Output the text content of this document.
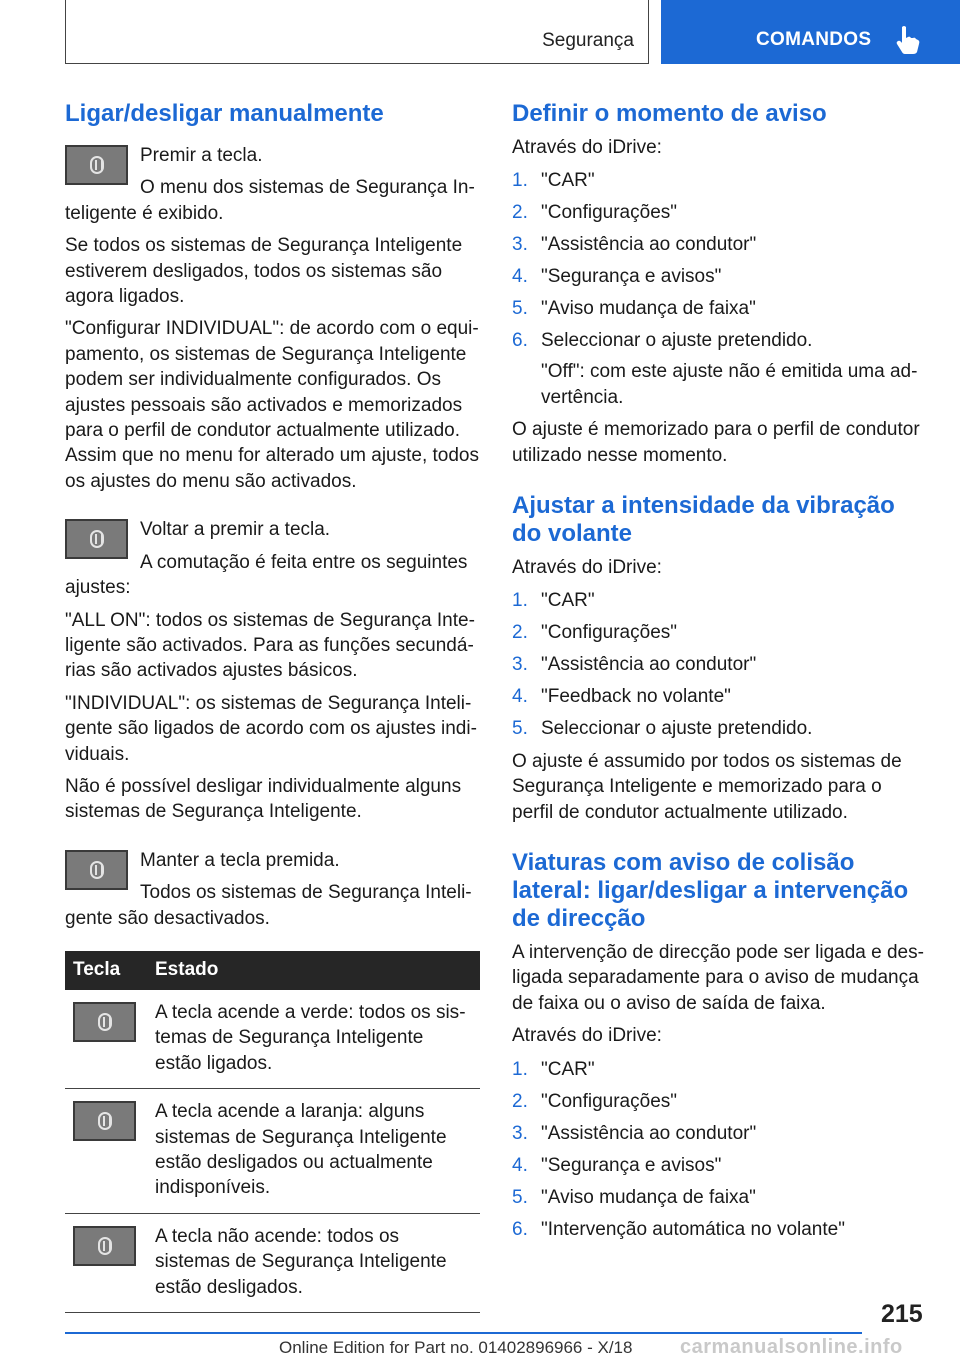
Segurança	COMANDOS
Ligar/desligar manualmente

Premir a tecla.

O menu dos sistemas de Segurança Inteligente é exibido.

Se todos os sistemas de Segurança Inteligente estiverem desligados, todos os sistemas são agora ligados.

"Configurar INDIVIDUAL": de acordo com o equipamento, os sistemas de Segurança Inteligente podem ser individualmente configurados. Os ajustes pessoais são activados e memorizados para o perfil de condutor actualmente utilizado. Assim que no menu for alterado um ajuste, todos os ajustes do menu são activados.

Voltar a premir a tecla.

A comutação é feita entre os seguintes ajustes:

"ALL ON": todos os sistemas de Segurança Inteligente são activados. Para as funções secundárias são activados ajustes básicos.

"INDIVIDUAL": os sistemas de Segurança Inteligente são ligados de acordo com os ajustes individuais.

Não é possível desligar individualmente alguns sistemas de Segurança Inteligente.

Manter a tecla premida.

Todos os sistemas de Segurança Inteligente são desactivados.

Tecla	Estado

	A tecla acende a verde: todos os sistemas de Segurança Inteligente estão ligados.

	A tecla acende a laranja: alguns sistemas de Segurança Inteligente estão desligados ou actualmente indisponíveis.

	A tecla não acende: todos os sistemas de Segurança Inteligente estão desligados.
Definir o momento de aviso

Através do iDrive:

1. "CAR"
2. "Configurações"
3. "Assistência ao condutor"
4. "Segurança e avisos"
5. "Aviso mudança de faixa"
6. Seleccionar o ajuste pretendido.

"Off": com este ajuste não é emitida uma advertência.

O ajuste é memorizado para o perfil de condutor utilizado nesse momento.

Ajustar a intensidade da vibração do volante

Através do iDrive:

1. "CAR"
2. "Configurações"
3. "Assistência ao condutor"
4. "Feedback no volante"
5. Seleccionar o ajuste pretendido.

O ajuste é assumido por todos os sistemas de Segurança Inteligente e memorizado para o perfil de condutor actualmente utilizado.

Viaturas com aviso de colisão lateral: ligar/desligar a intervenção de direcção

A intervenção de direcção pode ser ligada e desligada separadamente para o aviso de mudança de faixa ou o aviso de saída de faixa.

Através do iDrive:

1. "CAR"
2. "Configurações"
3. "Assistência ao condutor"
4. "Segurança e avisos"
5. "Aviso mudança de faixa"
6. "Intervenção automática no volante"
215
Online Edition for Part no. 01402896966 - X/18 carmanualsonline.info
